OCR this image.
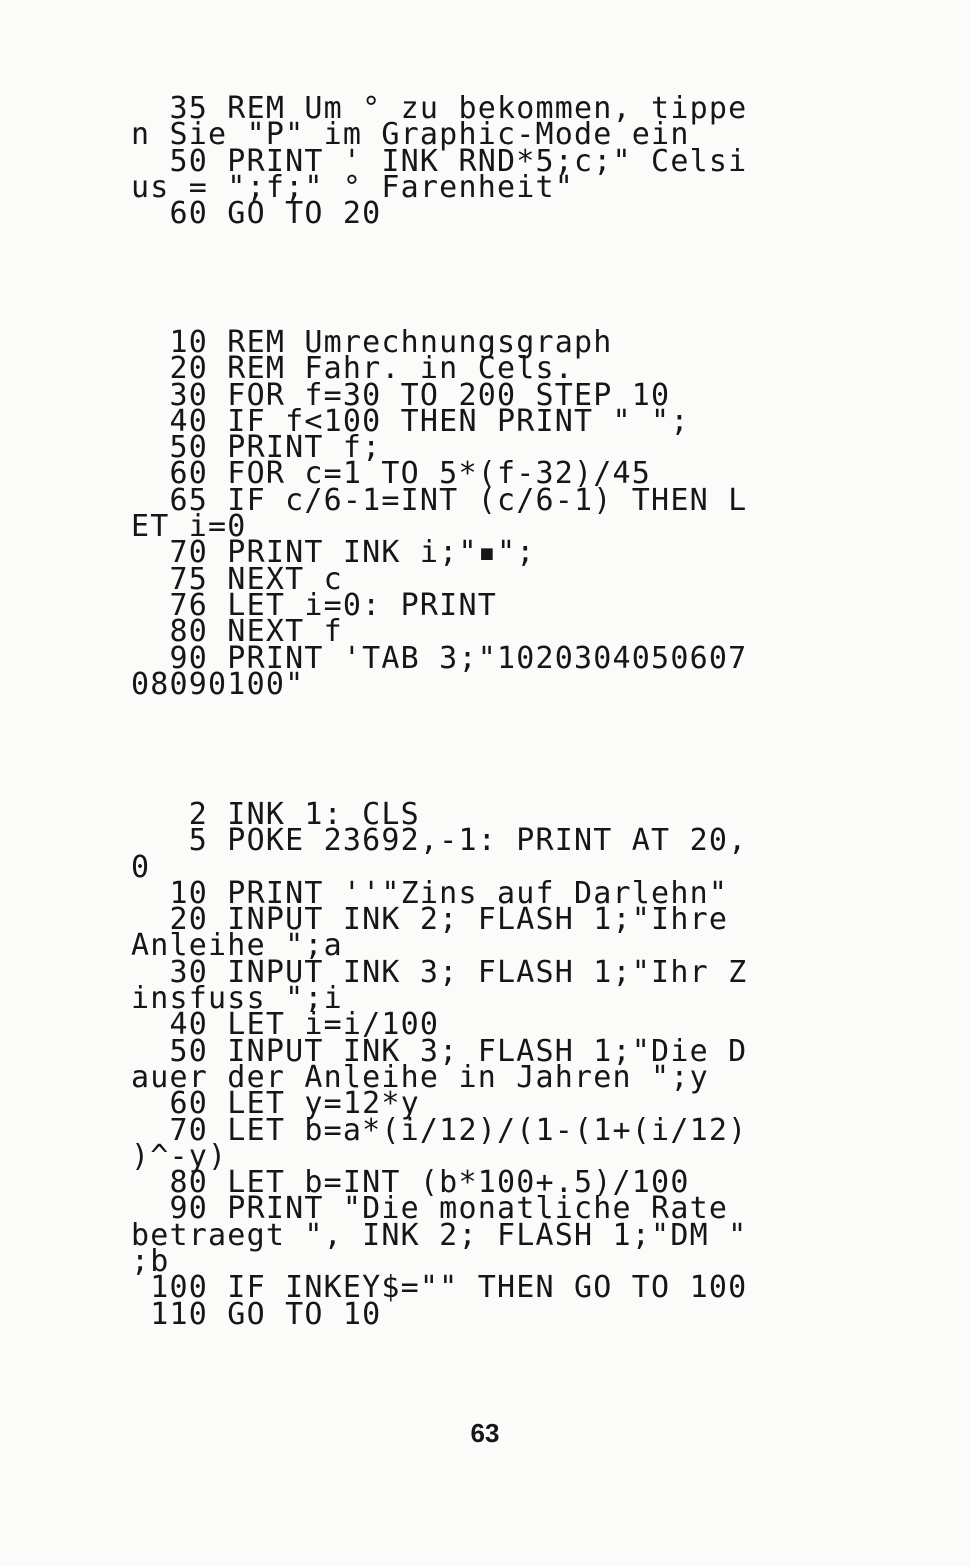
35 REM Um ° zu bekommen, tippe
n Sie "P" im Graphic-Mode ein
50 PRINT ' INK RND*5;c;" Celsi
us = ";f;" ° Farenheit"
60 GO TO 20
10 REM Umrechnungsgraph
20 REM Fahr. in Cels.
30 FOR f=30 TO 200 STEP 10
40 IF f<100 THEN PRINT " ";
50 PRINT f;
60 FOR c=1 TO 5*(f-32)/45
65 IF c/6-1=INT (c/6-1) THEN L
ET i=0
70 PRINT INK i;"▪";
75 NEXT c
76 LET i=0: PRINT
80 NEXT f
90 PRINT 'TAB 3;"1020304050607
08090100"
2 INK 1: CLS
5 POKE 23692,-1: PRINT AT 20,
0
10 PRINT ''"Zins auf Darlehn"
20 INPUT INK 2; FLASH 1;"Ihre
Anleihe ";a
30 INPUT INK 3; FLASH 1;"Ihr Z
insfuss ";i
40 LET i=i/100
50 INPUT INK 3; FLASH 1;"Die D
auer der Anleihe in Jahren ";y
60 LET y=12*y
70 LET b=a*(i/12)/(1-(1+(i/12)
)^-y)
80 LET b=INT (b*100+.5)/100
90 PRINT "Die monatliche Rate
betraegt ", INK 2; FLASH 1;"DM "
;b
100 IF INKEY$="" THEN GO TO 100
110 GO TO 10
63
